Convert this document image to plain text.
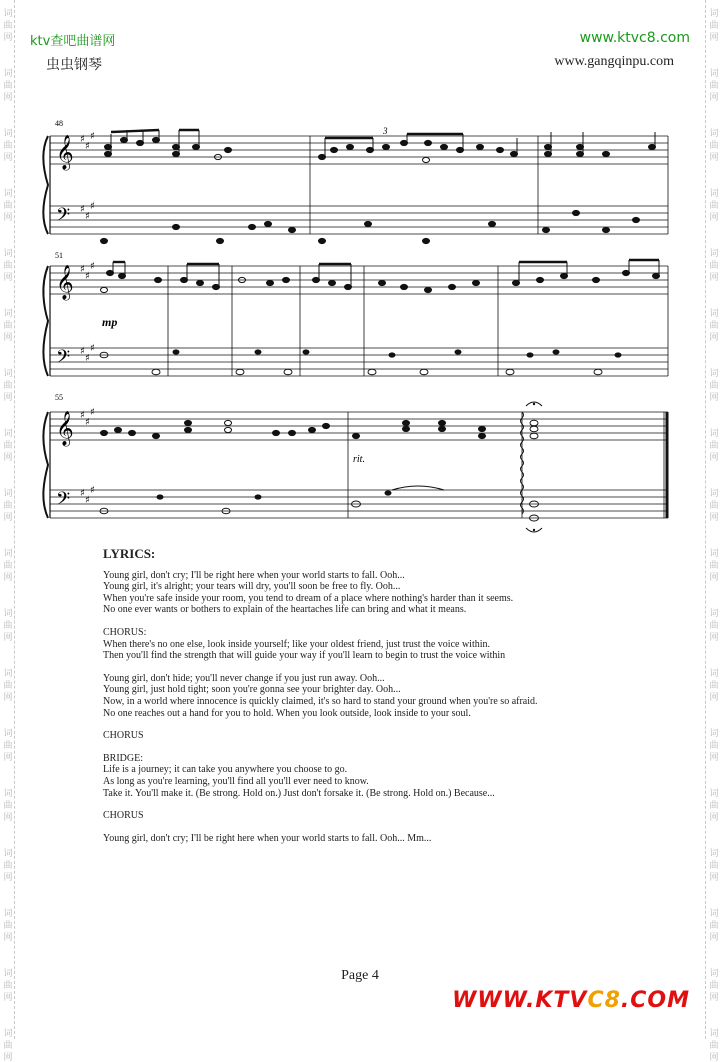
词
曲
网
词
曲
网
词
曲
网
词
曲
网
词
曲
网
词
曲
网
词
曲
网
词
曲
网
词
曲
网
词
曲
网
词
曲
网
词
曲
网
词
曲
网
词
曲
网
词
曲
网
词
曲
网
词
曲
网
词
曲
网
词
曲
网
词
曲
网
词
曲
网
词
曲
网
词
曲
网
词
曲
网
词
曲
网
词
曲
网
词
曲
网
词
曲
网
词
曲
网
词
曲
网
词
曲
网
词
曲
网
词
曲
网
词
曲
网
词
曲
网
词
曲
网
ktv查吧曲谱网	www.ktvc8.com
虫虫钢琴	www.gangqinpu.com
48
𝄞
𝄢
♯
♯
♯
♯
♯
♯
3
51
𝄞
𝄢
♯
♯
♯
♯
♯
♯
mp
55
𝄞
𝄢
♯
♯
♯
♯
♯
♯
rit.
LYRICS:
Young girl, don't cry; I'll be right here when your world starts to fall. Ooh...
Young girl, it's alright; your tears will dry, you'll soon be free to fly. Ooh...
When you're safe inside your room, you tend to dream of a place where nothing's harder than it seems.
No one ever wants or bothers to explain of the heartaches life can bring and what it means.
CHORUS:
When there's no one else, look inside yourself; like your oldest friend, just trust the voice within.
Then you'll find the strength that will guide your way if you'll learn to begin to trust the voice within
Young girl, don't hide; you'll never change if you just run away. Ooh...
Young girl, just hold tight; soon you're gonna see your brighter day. Ooh...
Now, in a world where innocence is quickly claimed, it's so hard to stand your ground when you're so afraid.
No one reaches out a hand for you to hold. When you look outside, look inside to your soul.
CHORUS
BRIDGE:
Life is a journey; it can take you anywhere you choose to go.
As long as you're learning, you'll find all you'll ever need to know.
Take it. You'll make it. (Be strong. Hold on.) Just don't forsake it. (Be strong. Hold on.) Because...
CHORUS
Young girl, don't cry; I'll be right here when your world starts to fall. Ooh... Mm...
Page 4
WWW.KTVC8.COM
